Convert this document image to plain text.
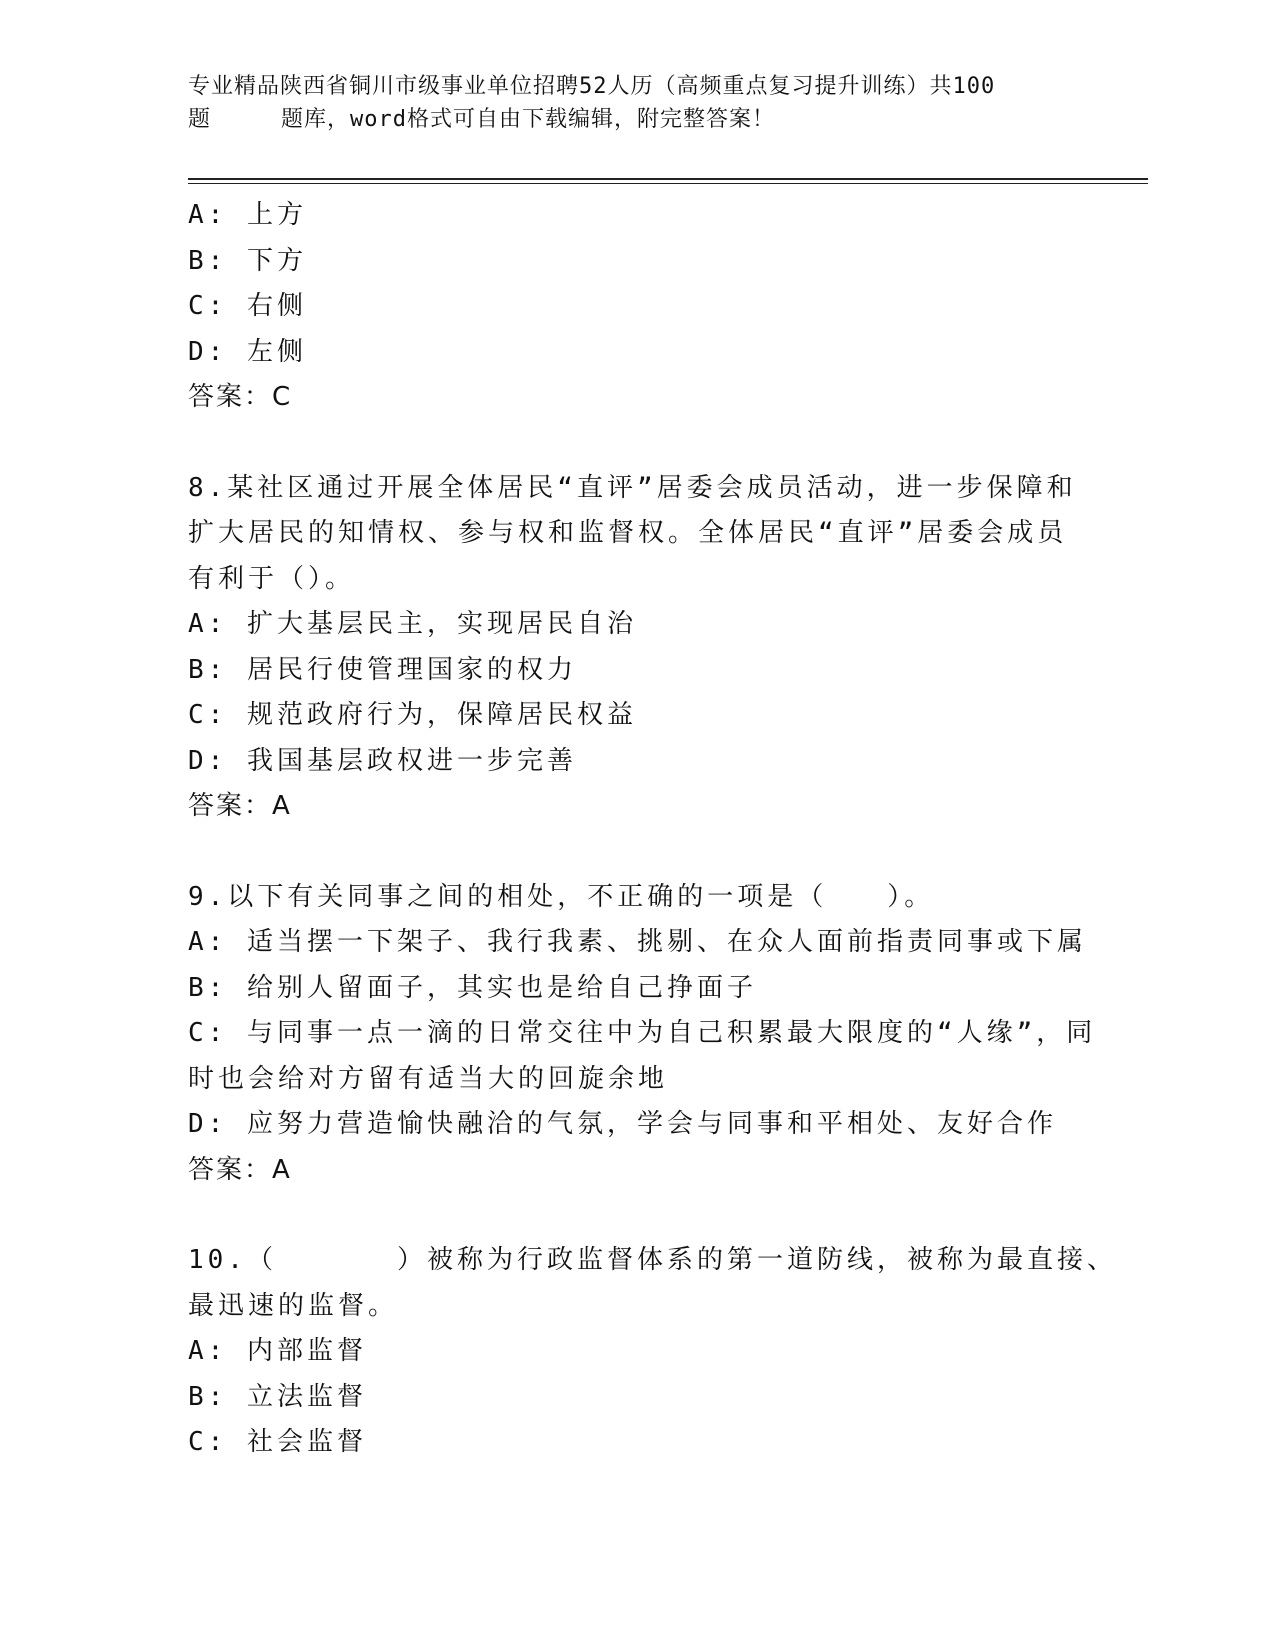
专业精品陕西省铜川市级事业单位招聘52人历（高频重点复习提升训练）共100
题	题库，word格式可自由下载编辑，附完整答案！
A: 上方
B: 下方
C: 右侧
D: 左侧
答案：C
8.某社区通过开展全体居民“直评”居委会成员活动，进一步保障和
扩大居民的知情权、参与权和监督权。全体居民“直评”居委会成员
有利于（）。
A: 扩大基层民主，实现居民自治
B: 居民行使管理国家的权力
C: 规范政府行为，保障居民权益
D: 我国基层政权进一步完善
答案：A
9.以下有关同事之间的相处，不正确的一项是（　　）。
A: 适当摆一下架子、我行我素、挑剔、在众人面前指责同事或下属
B: 给别人留面子，其实也是给自己挣面子
C: 与同事一点一滴的日常交往中为自己积累最大限度的“人缘”，同
时也会给对方留有适当大的回旋余地
D: 应努力营造愉快融洽的气氛，学会与同事和平相处、友好合作
答案：A
10.（　　　　）被称为行政监督体系的第一道防线，被称为最直接、
最迅速的监督。
A: 内部监督
B: 立法监督
C: 社会监督
